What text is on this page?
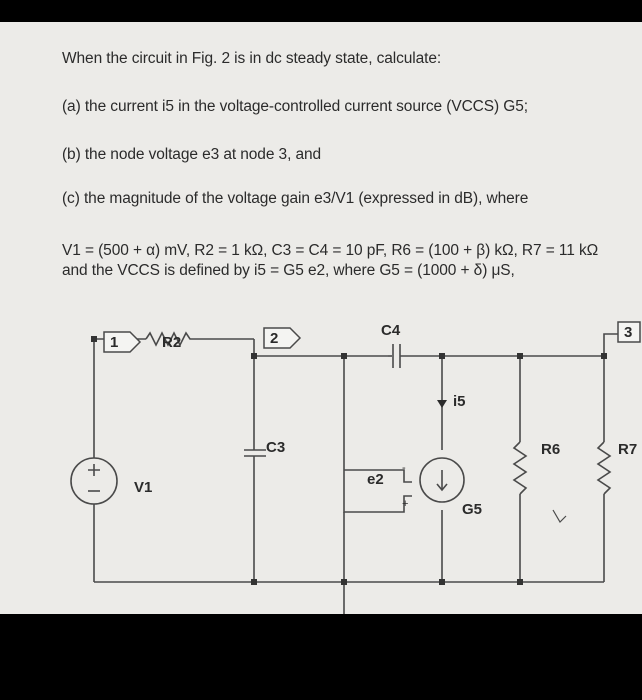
When the circuit in Fig. 2 is in dc steady state, calculate:
(a) the current i5 in the voltage-controlled current source (VCCS) G5;
(b) the node voltage e3 at node 3, and
(c) the magnitude of the voltage gain e3/V1 (expressed in dB), where
V1 = (500 + α) mV, R2 = 1 kΩ, C3 = C4 = 10 pF, R6 = (100 + β) kΩ, R7 = 11 kΩ
and the VCCS is defined by i5 = G5 e2, where G5 = (1000 + δ) μS,
1	2	3
R2
C4
i5
C3
e2
-
+
R6	R7
V1
G5
